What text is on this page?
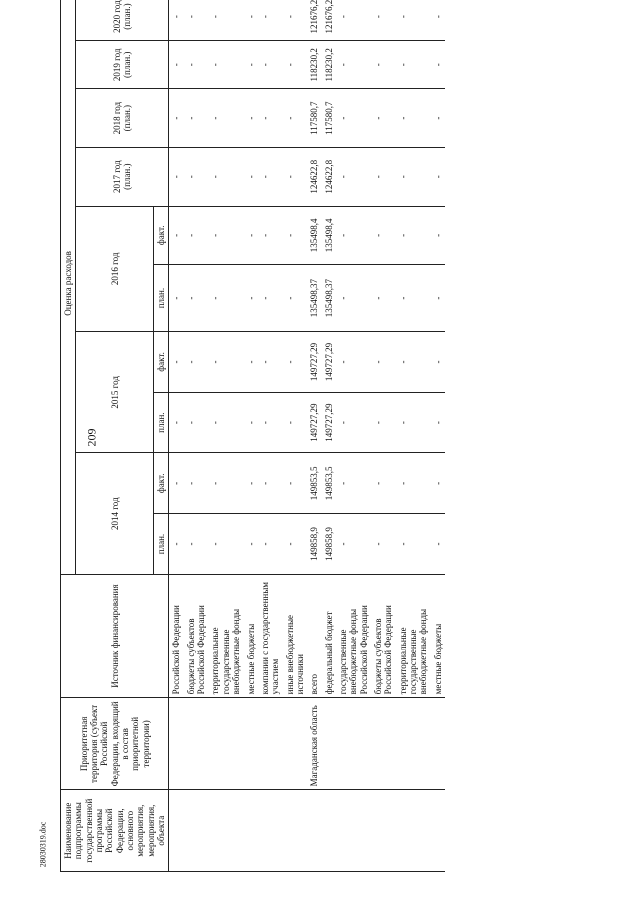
209
28030319.doc Наименование подпрограммы государственной программы Российской Федерации, основного мероприятия, мероприятия, объекта	Приоритетная территория (субъект Российской Федерации, входящий в состав приоритетной территории)	Источник финансирования	Оценка расходов									
			2014 год		2015 год		2016 год		2017 год (план.)	2018 год (план.)	2019 год (план.)	2020 год (план.)
			план.	факт.	план.	факт.	план.	факт.				
		Российской Федерации	-	-	-	-	-	-	-	-	-	-
		бюджеты субъектов Российской Федерации	-	-	-	-	-	-	-	-	-	-
		территориальные государственные внебюджетные фонды	-	-	-	-	-	-	-	-	-	-
		местные бюджеты	-	-	-	-	-	-	-	-	-	-
		компании с государственным участием	-	-	-	-	-	-	-	-	-	-
		иные внебюджетные источники	-	-	-	-	-	-	-	-	-	-
	Магаданская область	всего	149858,9	149853,5	149727,29	149727,29	135498,37	135498,4	124622,8	117580,7	118230,2	121676,2
		федеральный бюджет	149858,9	149853,5	149727,29	149727,29	135498,37	135498,4	124622,8	117580,7	118230,2	121676,2
		государственные внебюджетные фонды Российской Федерации	-	-	-	-	-	-	-	-	-	-
		бюджеты субъектов Российской Федерации	-	-	-	-	-	-	-	-	-	-
		территориальные государственные внебюджетные фонды	-	-	-	-	-	-	-	-	-	-
		местные бюджеты	-	-	-	-	-	-	-	-	-	-
